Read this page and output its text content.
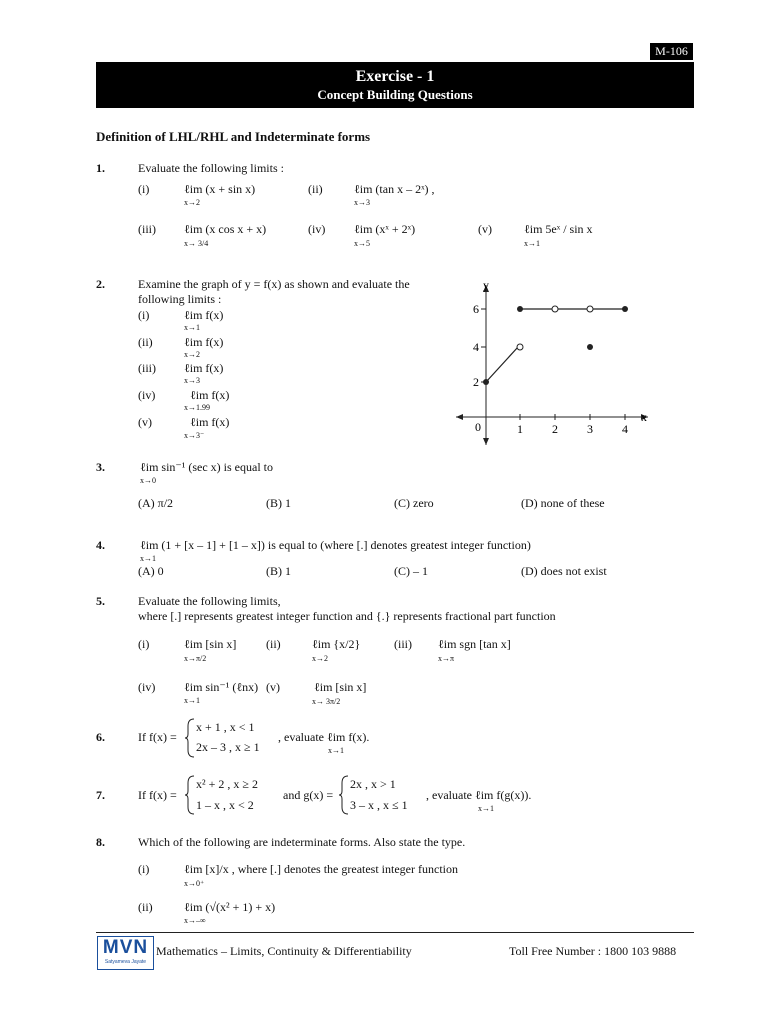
M-106
Exercise - 1
Concept Building Questions
Definition of LHL/RHL and Indeterminate forms
1.	Evaluate the following limits :
(i)	ℓim (x + sin x)
x→2
(ii)	ℓim (tan x – 2ˣ) ,
x→3
(iii) ℓim (x cos x + x)
x→ 3/4
(iv) ℓim (xˣ + 2ˣ)
x→5
(v)	ℓim 5eˣ / sin x
x→1
2.	Examine the graph of y = f(x) as shown and evaluate the
following limits :
(i)	ℓim f(x)
x→1
(ii)	ℓim f(x)
x→2
(iii) ℓim f(x)
x→3
(iv)	ℓim f(x)
x→1.99
(v)	ℓim f(x)
x→3⁻
y
x
0	1 2 3 4
2
4
6
3.	ℓim sin⁻¹ (sec x) is equal to
x→0
(A) π/2	(B) 1	(C) zero	(D) none of these
4.	ℓim (1 + [x – 1] + [1 – x]) is equal to (where [.] denotes greatest integer function)
x→1
(A) 0	(B) 1	(C) – 1	(D) does not exist
5.	Evaluate the following limits,
where [.] represents greatest integer function and {.} represents fractional part function
(i)	ℓim [sin x]
x→π/2
(ii)	ℓim {x/2}
x→2
(iii) ℓim sgn [tan x]
x→π
(iv) ℓim sin⁻¹ (ℓnx)
x→1
(v)	ℓim [sin x]
x→ 3π/2
6.	If f(x) =
x + 1 , x < 1
2x – 3 , x ≥ 1
, evaluate ℓim f(x).
x→1
7.	If f(x) =
x² + 2 , x ≥ 2
1 – x , x < 2
and g(x) =
2x , x > 1
3 – x , x ≤ 1
, evaluate ℓim f(g(x)).
x→1
8.	Which of the following are indeterminate forms. Also state the type.
(i)	ℓim [x]/x , where [.] denotes the greatest integer function
x→0⁺
(ii)	ℓim (√(x² + 1) + x)
x→–∞
MVN
Satyameva Jayate
Mathematics – Limits, Continuity & Differentiability	Toll Free Number : 1800 103 9888
